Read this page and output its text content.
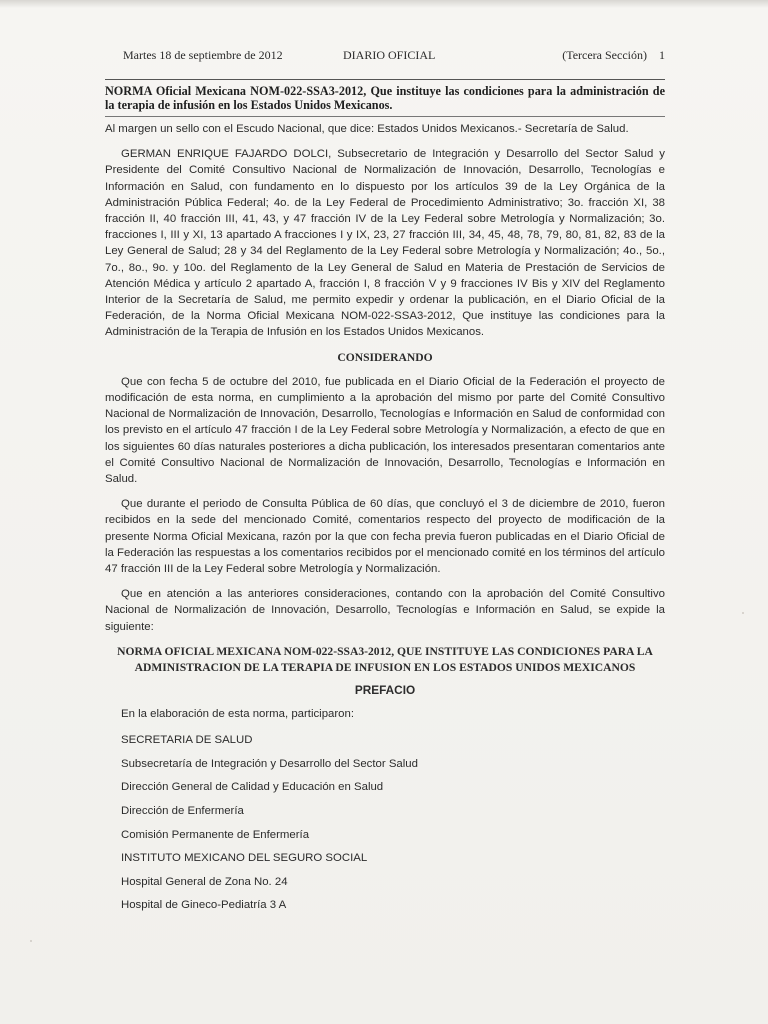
Martes 18 de septiembre de 2012	DIARIO OFICIAL	(Tercera Sección) 1
NORMA Oficial Mexicana NOM-022-SSA3-2012, Que instituye las condiciones para la administración de la terapia de infusión en los Estados Unidos Mexicanos.

Al margen un sello con el Escudo Nacional, que dice: Estados Unidos Mexicanos.- Secretaría de Salud.

GERMAN ENRIQUE FAJARDO DOLCI, Subsecretario de Integración y Desarrollo del Sector Salud y Presidente del Comité Consultivo Nacional de Normalización de Innovación, Desarrollo, Tecnologías e Información en Salud, con fundamento en lo dispuesto por los artículos 39 de la Ley Orgánica de la Administración Pública Federal; 4o. de la Ley Federal de Procedimiento Administrativo; 3o. fracción XI, 38 fracción II, 40 fracción III, 41, 43, y 47 fracción IV de la Ley Federal sobre Metrología y Normalización; 3o. fracciones I, III y XI, 13 apartado A fracciones I y IX, 23, 27 fracción III, 34, 45, 48, 78, 79, 80, 81, 82, 83 de la Ley General de Salud; 28 y 34 del Reglamento de la Ley Federal sobre Metrología y Normalización; 4o., 5o., 7o., 8o., 9o. y 10o. del Reglamento de la Ley General de Salud en Materia de Prestación de Servicios de Atención Médica y artículo 2 apartado A, fracción I, 8 fracción V y 9 fracciones IV Bis y XIV del Reglamento Interior de la Secretaría de Salud, me permito expedir y ordenar la publicación, en el Diario Oficial de la Federación, de la Norma Oficial Mexicana NOM-022-SSA3-2012, Que instituye las condiciones para la Administración de la Terapia de Infusión en los Estados Unidos Mexicanos.

CONSIDERANDO

Que con fecha 5 de octubre del 2010, fue publicada en el Diario Oficial de la Federación el proyecto de modificación de esta norma, en cumplimiento a la aprobación del mismo por parte del Comité Consultivo Nacional de Normalización de Innovación, Desarrollo, Tecnologías e Información en Salud de conformidad con los previsto en el artículo 47 fracción I de la Ley Federal sobre Metrología y Normalización, a efecto de que en los siguientes 60 días naturales posteriores a dicha publicación, los interesados presentaran comentarios ante el Comité Consultivo Nacional de Normalización de Innovación, Desarrollo, Tecnologías e Información en Salud.

Que durante el periodo de Consulta Pública de 60 días, que concluyó el 3 de diciembre de 2010, fueron recibidos en la sede del mencionado Comité, comentarios respecto del proyecto de modificación de la presente Norma Oficial Mexicana, razón por la que con fecha previa fueron publicadas en el Diario Oficial de la Federación las respuestas a los comentarios recibidos por el mencionado comité en los términos del artículo 47 fracción III de la Ley Federal sobre Metrología y Normalización.

Que en atención a las anteriores consideraciones, contando con la aprobación del Comité Consultivo Nacional de Normalización de Innovación, Desarrollo, Tecnologías e Información en Salud, se expide la siguiente:

NORMA OFICIAL MEXICANA NOM-022-SSA3-2012, QUE INSTITUYE LAS CONDICIONES PARA LA ADMINISTRACION DE LA TERAPIA DE INFUSION EN LOS ESTADOS UNIDOS MEXICANOS
PREFACIO

En la elaboración de esta norma, participaron:

SECRETARIA DE SALUD

Subsecretaría de Integración y Desarrollo del Sector Salud

Dirección General de Calidad y Educación en Salud

Dirección de Enfermería

Comisión Permanente de Enfermería

INSTITUTO MEXICANO DEL SEGURO SOCIAL

Hospital General de Zona No. 24

Hospital de Gineco-Pediatría 3 A
